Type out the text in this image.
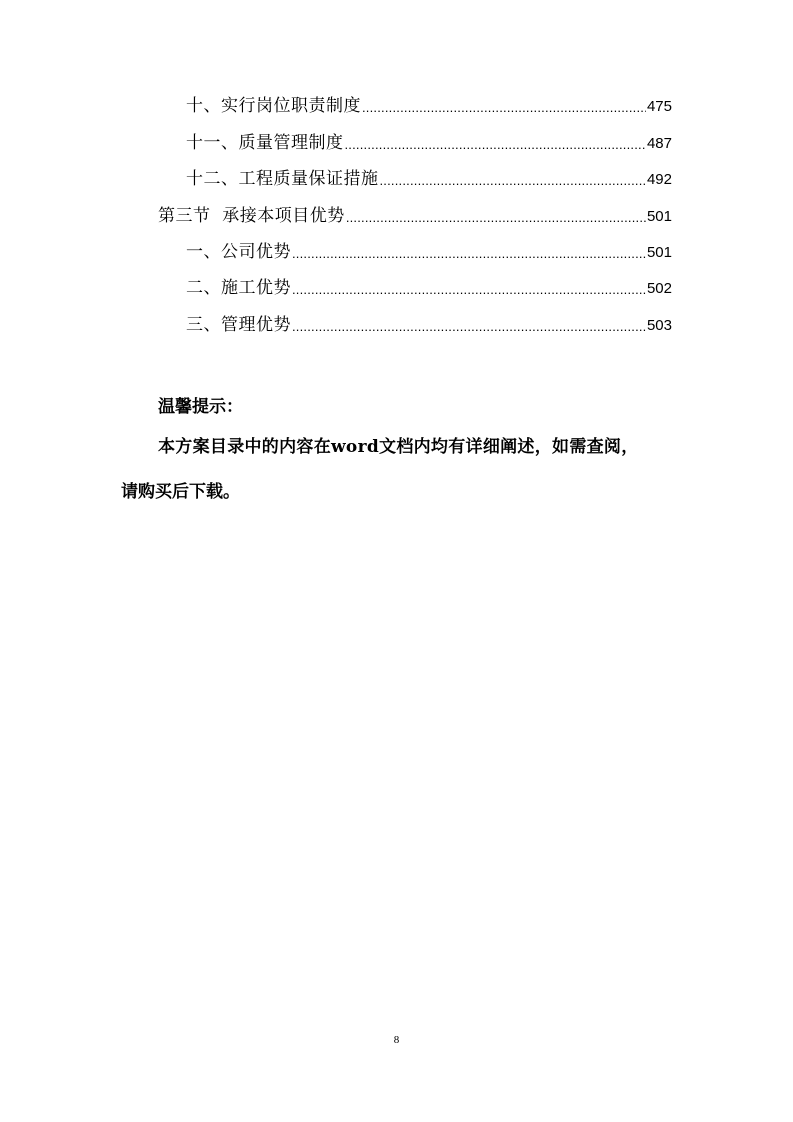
十、实行岗位职责制度 .....	475
十一、质量管理制度 .....	487
十二、工程质量保证措施 .....	492
第三节  承接本项目优势 .....	501
一、公司优势 .....	501
二、施工优势 .....	502
三、管理优势 .....	503
温馨提示：
本方案目录中的内容在word文档内均有详细阐述，如需查阅，
请购买后下载。
8
